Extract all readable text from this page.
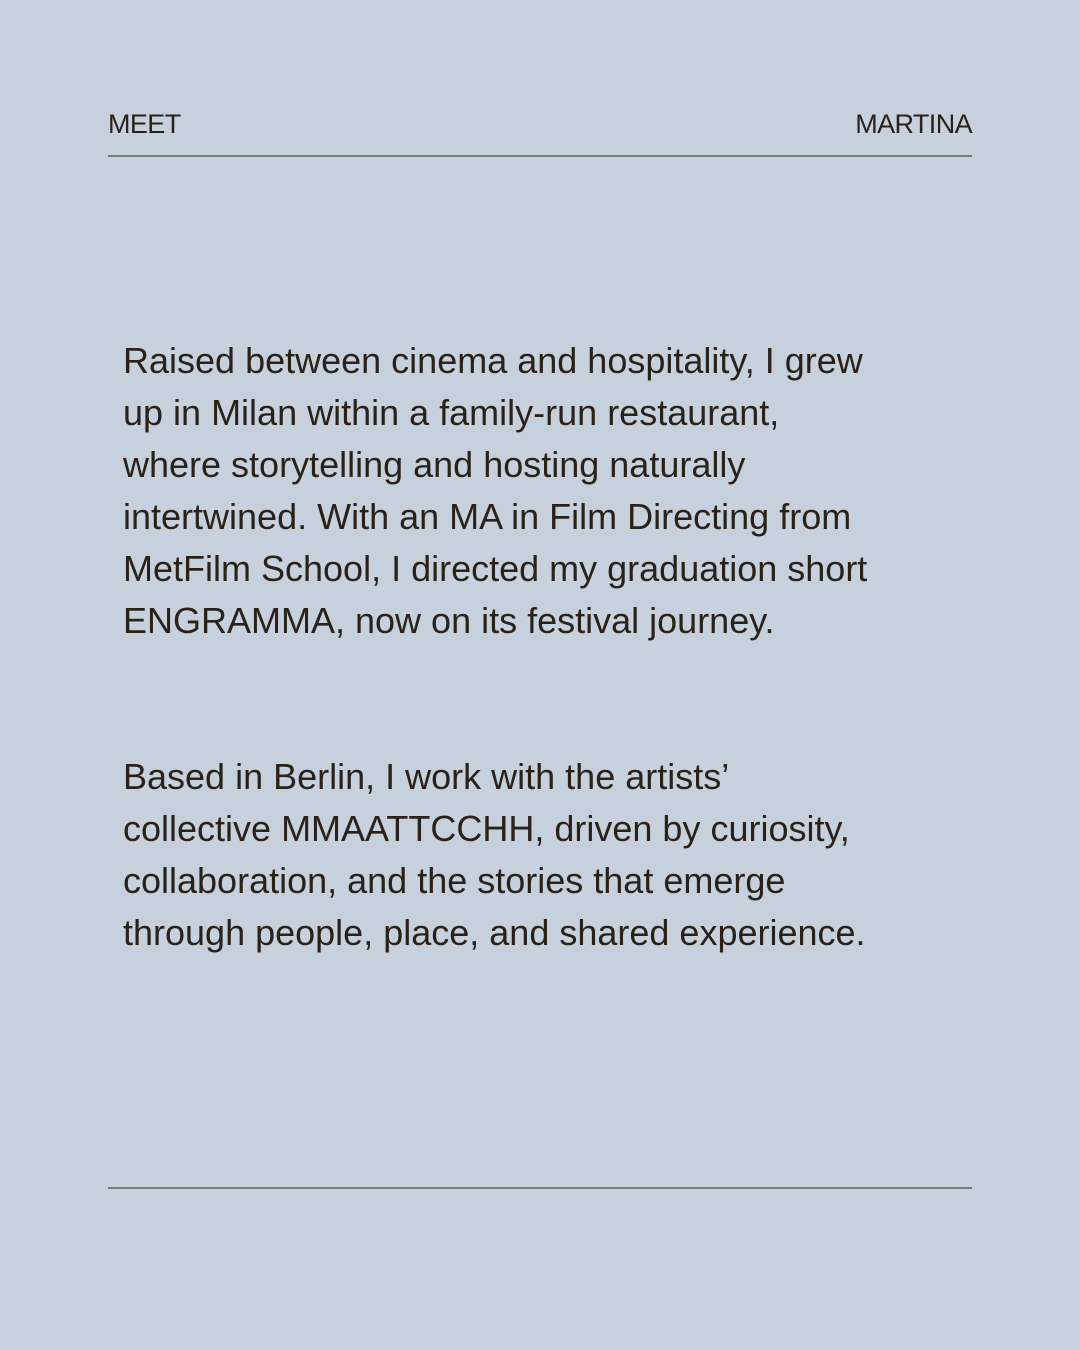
MEET	MARTINA

Raised between cinema and hospitality, I grew
up in Milan within a family-run restaurant,
where storytelling and hosting naturally
intertwined. With an MA in Film Directing from
MetFilm School, I directed my graduation short
ENGRAMMA, now on its festival journey.

Based in Berlin, I work with the artists’
collective MMAATTCCHH, driven by curiosity,
collaboration, and the stories that emerge
through people, place, and shared experience.
